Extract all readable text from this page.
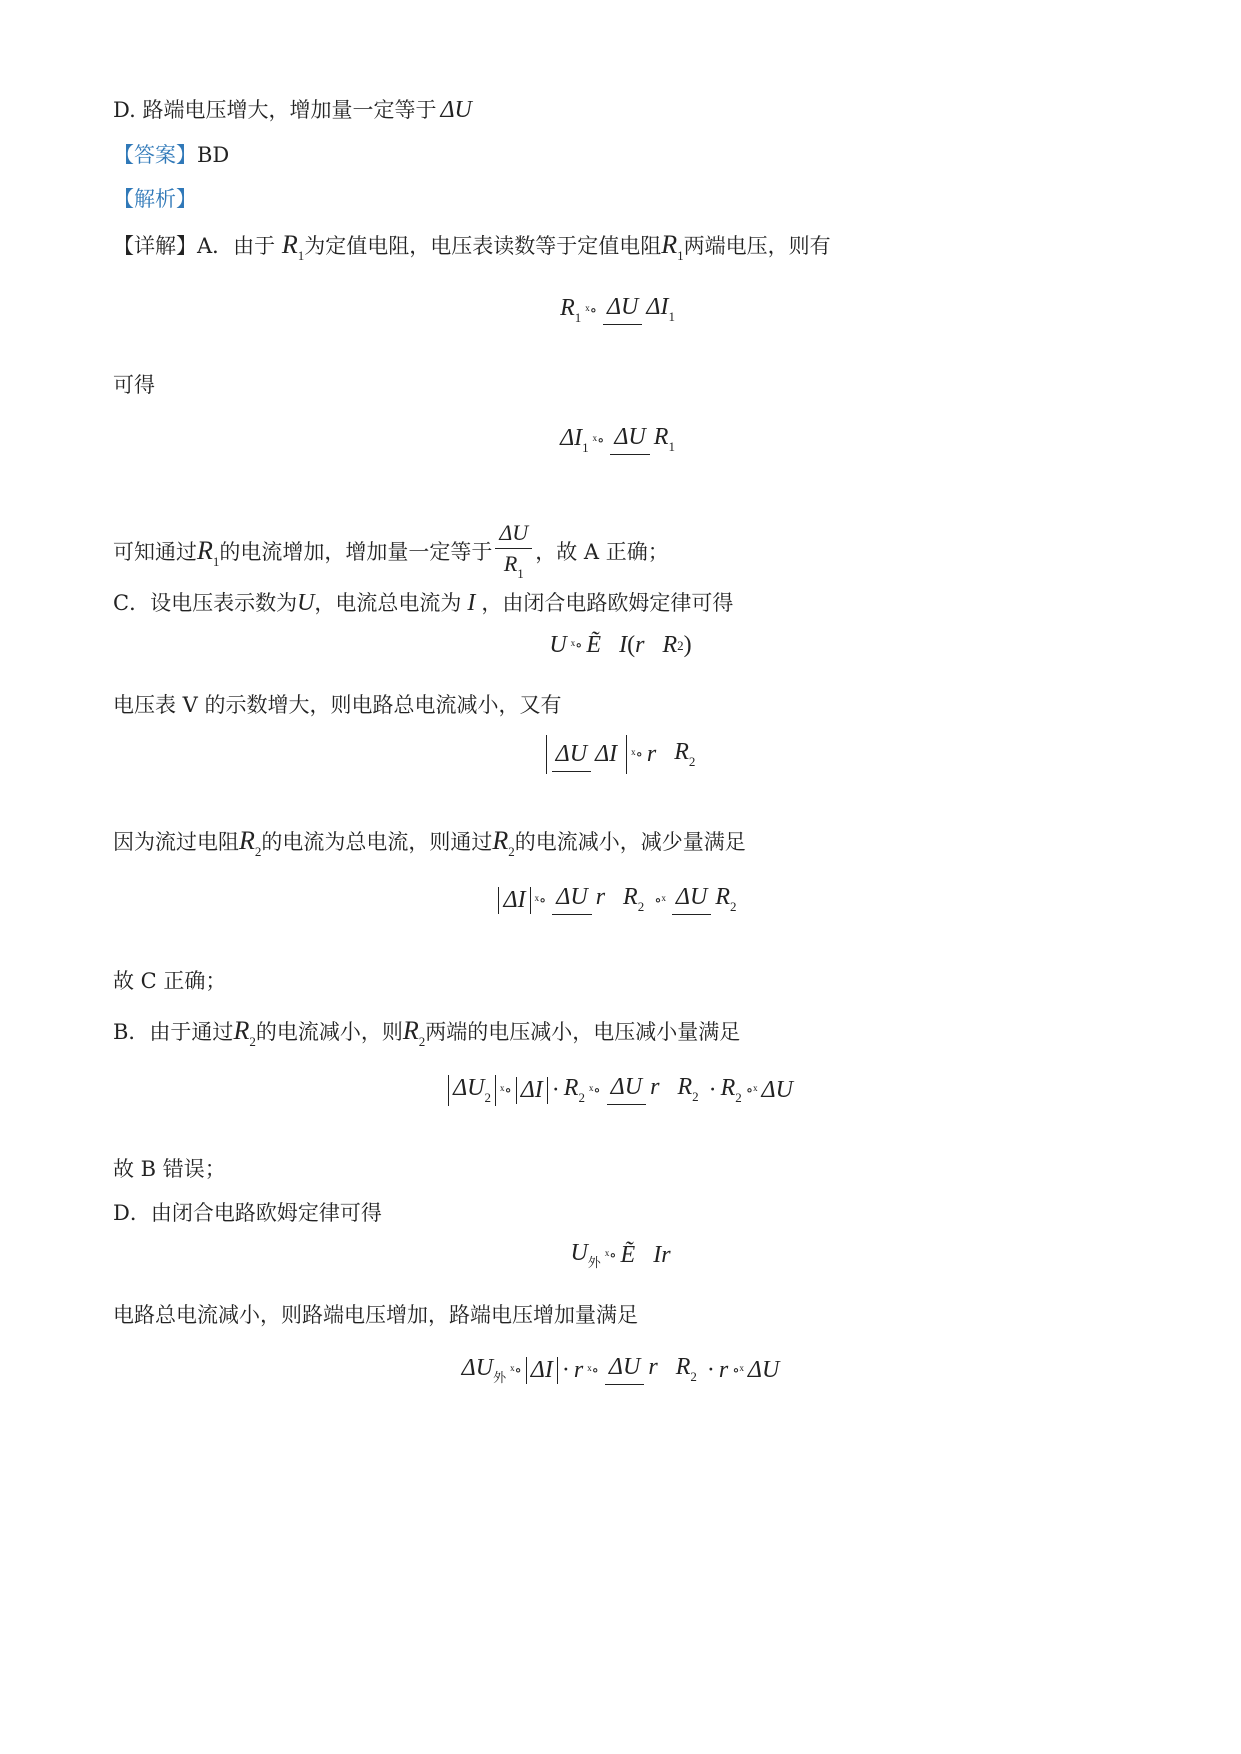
D. 路端电压增大，增加量一定等于 ΔU
【答案】BD
【解析】
【详解】A．由于 $R_1$为定值电阻，电压表读数等于定值电阻$R_1$两端电压，则有
R1 ˣ∘ ΔU ΔI1
可得
ΔI1 ˣ∘ ΔU R1
可知通过$R_1$的电流增加，增加量一定等于 $\frac{\Delta U}{R_1}$ ，故 A 正确；
C．设电压表示数为U，电流总电流为 I ，由闭合电路欧姆定律可得
U ˣ∘ Ẽ I ( r R 2 )
电压表 V 的示数增大，则电路总电流减小，又有
ΔU ΔI ˣ∘ r R2
因为流过电阻$R_2$的电流为总电流，则通过$R_2$的电流减小，减少量满足
ΔI ˣ∘ ΔU r R2 ∘ˣ ΔU R2
故 C 正确；
B．由于通过$R_2$的电流减小，则$R_2$两端的电压减小，电压减小量满足
ΔU2 ˣ∘ ΔI · R2 ˣ∘ ΔU r R2 · R2 ∘ˣ ΔU
故 B 错误；
D．由闭合电路欧姆定律可得
U外 ˣ∘ Ẽ Ir
电路总电流减小，则路端电压增加，路端电压增加量满足
ΔU外 ˣ∘ ΔI · r ˣ∘ ΔU r R2 · r ∘ˣ ΔU
